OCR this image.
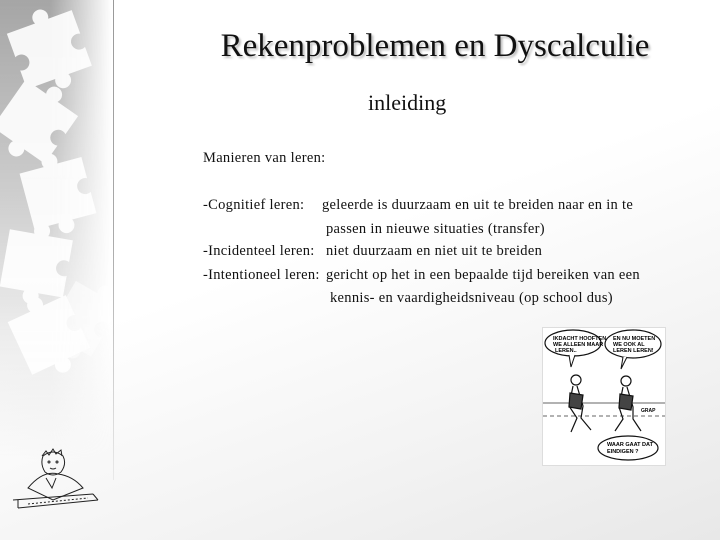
Rekenproblemen en Dyscalculie
inleiding
Manieren van leren:
-Cognitief leren: geleerde is duurzaam en uit te breiden naar en in te
passen in nieuwe situaties (transfer)
-Incidenteel leren: niet duurzaam en niet uit te breiden
-Intentioneel leren: gericht op het in een bepaalde tijd bereiken van een
kennis- en vaardigheidsniveau (op school dus)
IKDACHT HOOFTEN
WE ALLEEN MAAR
LEREN..
EN NU MOETEN
WE OOK AL
LEREN LEREN!
GRAP
WAAR GAAT DAT
EINDIGEN ?
